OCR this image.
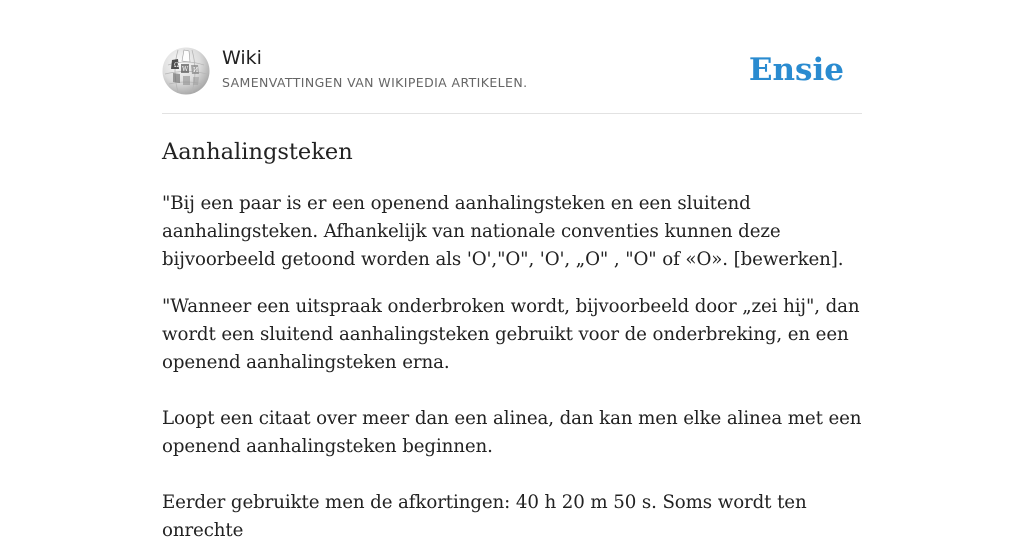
Ω
W И
Wiki
SAMENVATTINGEN VAN WIKIPEDIA ARTIKELEN.	Ensie
Aanhalingsteken

"Bij een paar is er een openend aanhalingsteken en een sluitend aanhalingsteken. Afhankelijk van nationale conventies kunnen deze bijvoorbeeld getoond worden als 'O',"O", 'O', „O" , "O" of «O». [bewerken].

"Wanneer een uitspraak onderbroken wordt, bijvoorbeeld door „zei hij", dan wordt een sluitend aanhalingsteken gebruikt voor de onderbreking, en een openend aanhalingsteken erna.

Loopt een citaat over meer dan een alinea, dan kan men elke alinea met een openend aanhalingsteken beginnen.

Eerder gebruikte men de afkortingen: 40 h 20 m 50 s. Soms wordt ten onrechte
